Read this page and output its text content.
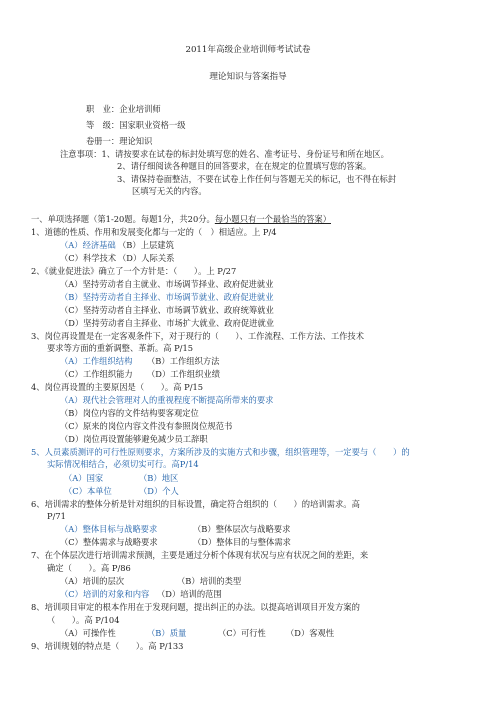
2011年高级企业培训师考试试卷
理论知识与答案指导
职　业：企业培训师
等　级：国家职业资格一级
卷册一：理论知识
注意事项：1、请按要求在试卷的标封处填写您的姓名、准考证号、身份证号和所在地区。
2、请仔细阅读各种题目的回答要求，在在规定的位置填写您的答案。
3、请保持卷面整洁，不要在试卷上作任何与答题无关的标记，也不得在标封
区填写无关的内容。
一、单项选择题（第1-20题。每题1分，共20分。每小题只有一个最恰当的答案）
1、道德的性质、作用和发展变化都与一定的（　）相适应。上 P/4
（A）经济基础 （B）上层建筑
（C）科学技术 （D）人际关系
2、《就业促进法》确立了一个方针是：（　　）。上 P/27
（A）坚持劳动者自主就业、市场调节择业、政府促进就业
（B）坚持劳动者自主择业、市场调节就业、政府促进就业
（C）坚持劳动者自主择业、市场调节就业、政府统筹就业
（D）坚持劳动者自主择业、市场扩大就业、政府促进就业
3、岗位再设置是在一定客观条件下，对于现行的（　　）、工作流程、工作方法、工作技术
要求等方面的重新调整、革新。高 P/15
（A）工作组织结构 （B）工作组织方法
（C）工作组织能力 （D）工作组织业绩
4、岗位再设置的主要原因是（　　）。高 P/15
（A）现代社会管理对人的重视程度不断提高所带来的要求
（B）岗位内容的文件结构要客观定位
（C）原来的岗位内容文件没有参照岗位规范书
（D）岗位再设置能够避免减少员工辞职
5、人员素质测评的可行性原则要求，方案所涉及的实施方式和步骤，组织管理等，一定要与（　　）的
实际情况相结合，必须切实可行。高P/14
（A）国家	（B）地区
（C）本单位	（D）个人
6、培训需求的整体分析是针对组织的目标设置，确定符合组织的（　　）的培训需求。高
P/71
（A）整体目标与战略要求	（B）整体层次与战略要求
（C）整体需求与战略要求	（D）整体目的与整体需求
7、在个体层次进行培训需求预测，主要是通过分析个体现有状况与应有状况之间的差距，来
确定（　　）。高 P/86
（A）培训的层次	（B）培训的类型
（C）培训的对象和内容 （D）培训的范围
8、培训项目审定的根本作用在于发现问题，提出纠正的办法。以提高培训项目开发方案的
（　　）。高 P/104
（A）可操作性	（B）质量	（C）可行性 （D）客观性
9、培训规划的特点是（　　）。高 P/133
